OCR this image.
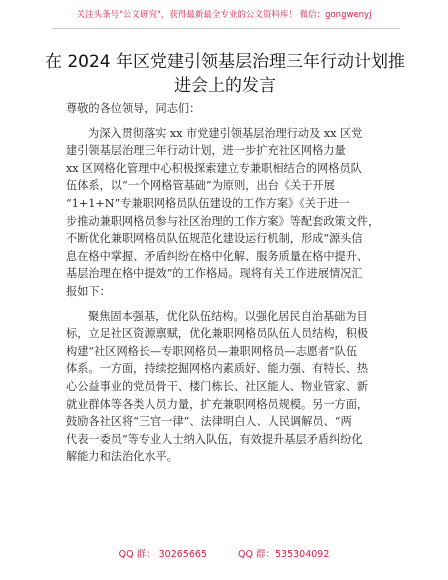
关注头条号"公文研究"，获得最新最全专业的公文资料库！ 微信：gongwenyj
在 2024 年区党建引领基层治理三年行动计划推
进会上的发言
尊敬的各位领导，同志们：
为深入贯彻落实 xx 市党建引领基层治理行动及 xx 区党
建引领基层治理三年行动计划，进一步扩充社区网格力量
xx 区网格化管理中心积极探索建立专兼职相结合的网格员队
伍体系，以“一个网格管基础”为原则，出台《关于开展
“1+1+N”专兼职网格员队伍建设的工作方案》《关于进一
步推动兼职网格员参与社区治理的工作方案》等配套政策文件，
不断优化兼职网格员队伍规范化建设运行机制，形成“源头信
息在格中掌握、矛盾纠纷在格中化解、服务质量在格中提升、
基层治理在格中提效”的工作格局。现将有关工作进展情况汇
报如下：
聚焦固本强基，优化队伍结构。以强化居民自治基础为目
标，立足社区资源禀赋，优化兼职网格员队伍人员结构，积极
构建“社区网格长—专职网格员—兼职网格员—志愿者”队伍
体系。一方面，持续挖掘网格内素质好、能力强、有特长、热
心公益事业的党员骨干、楼门栋长、社区能人、物业管家、新
就业群体等各类人员力量，扩充兼职网格员规模。另一方面，
鼓励各社区将“三官一律”、法律明白人、人民调解员、“两
代表一委员”等专业人士纳入队伍，有效提升基层矛盾纠纷化
解能力和法治化水平。
QQ 群： 30265665	QQ 群：535304092
